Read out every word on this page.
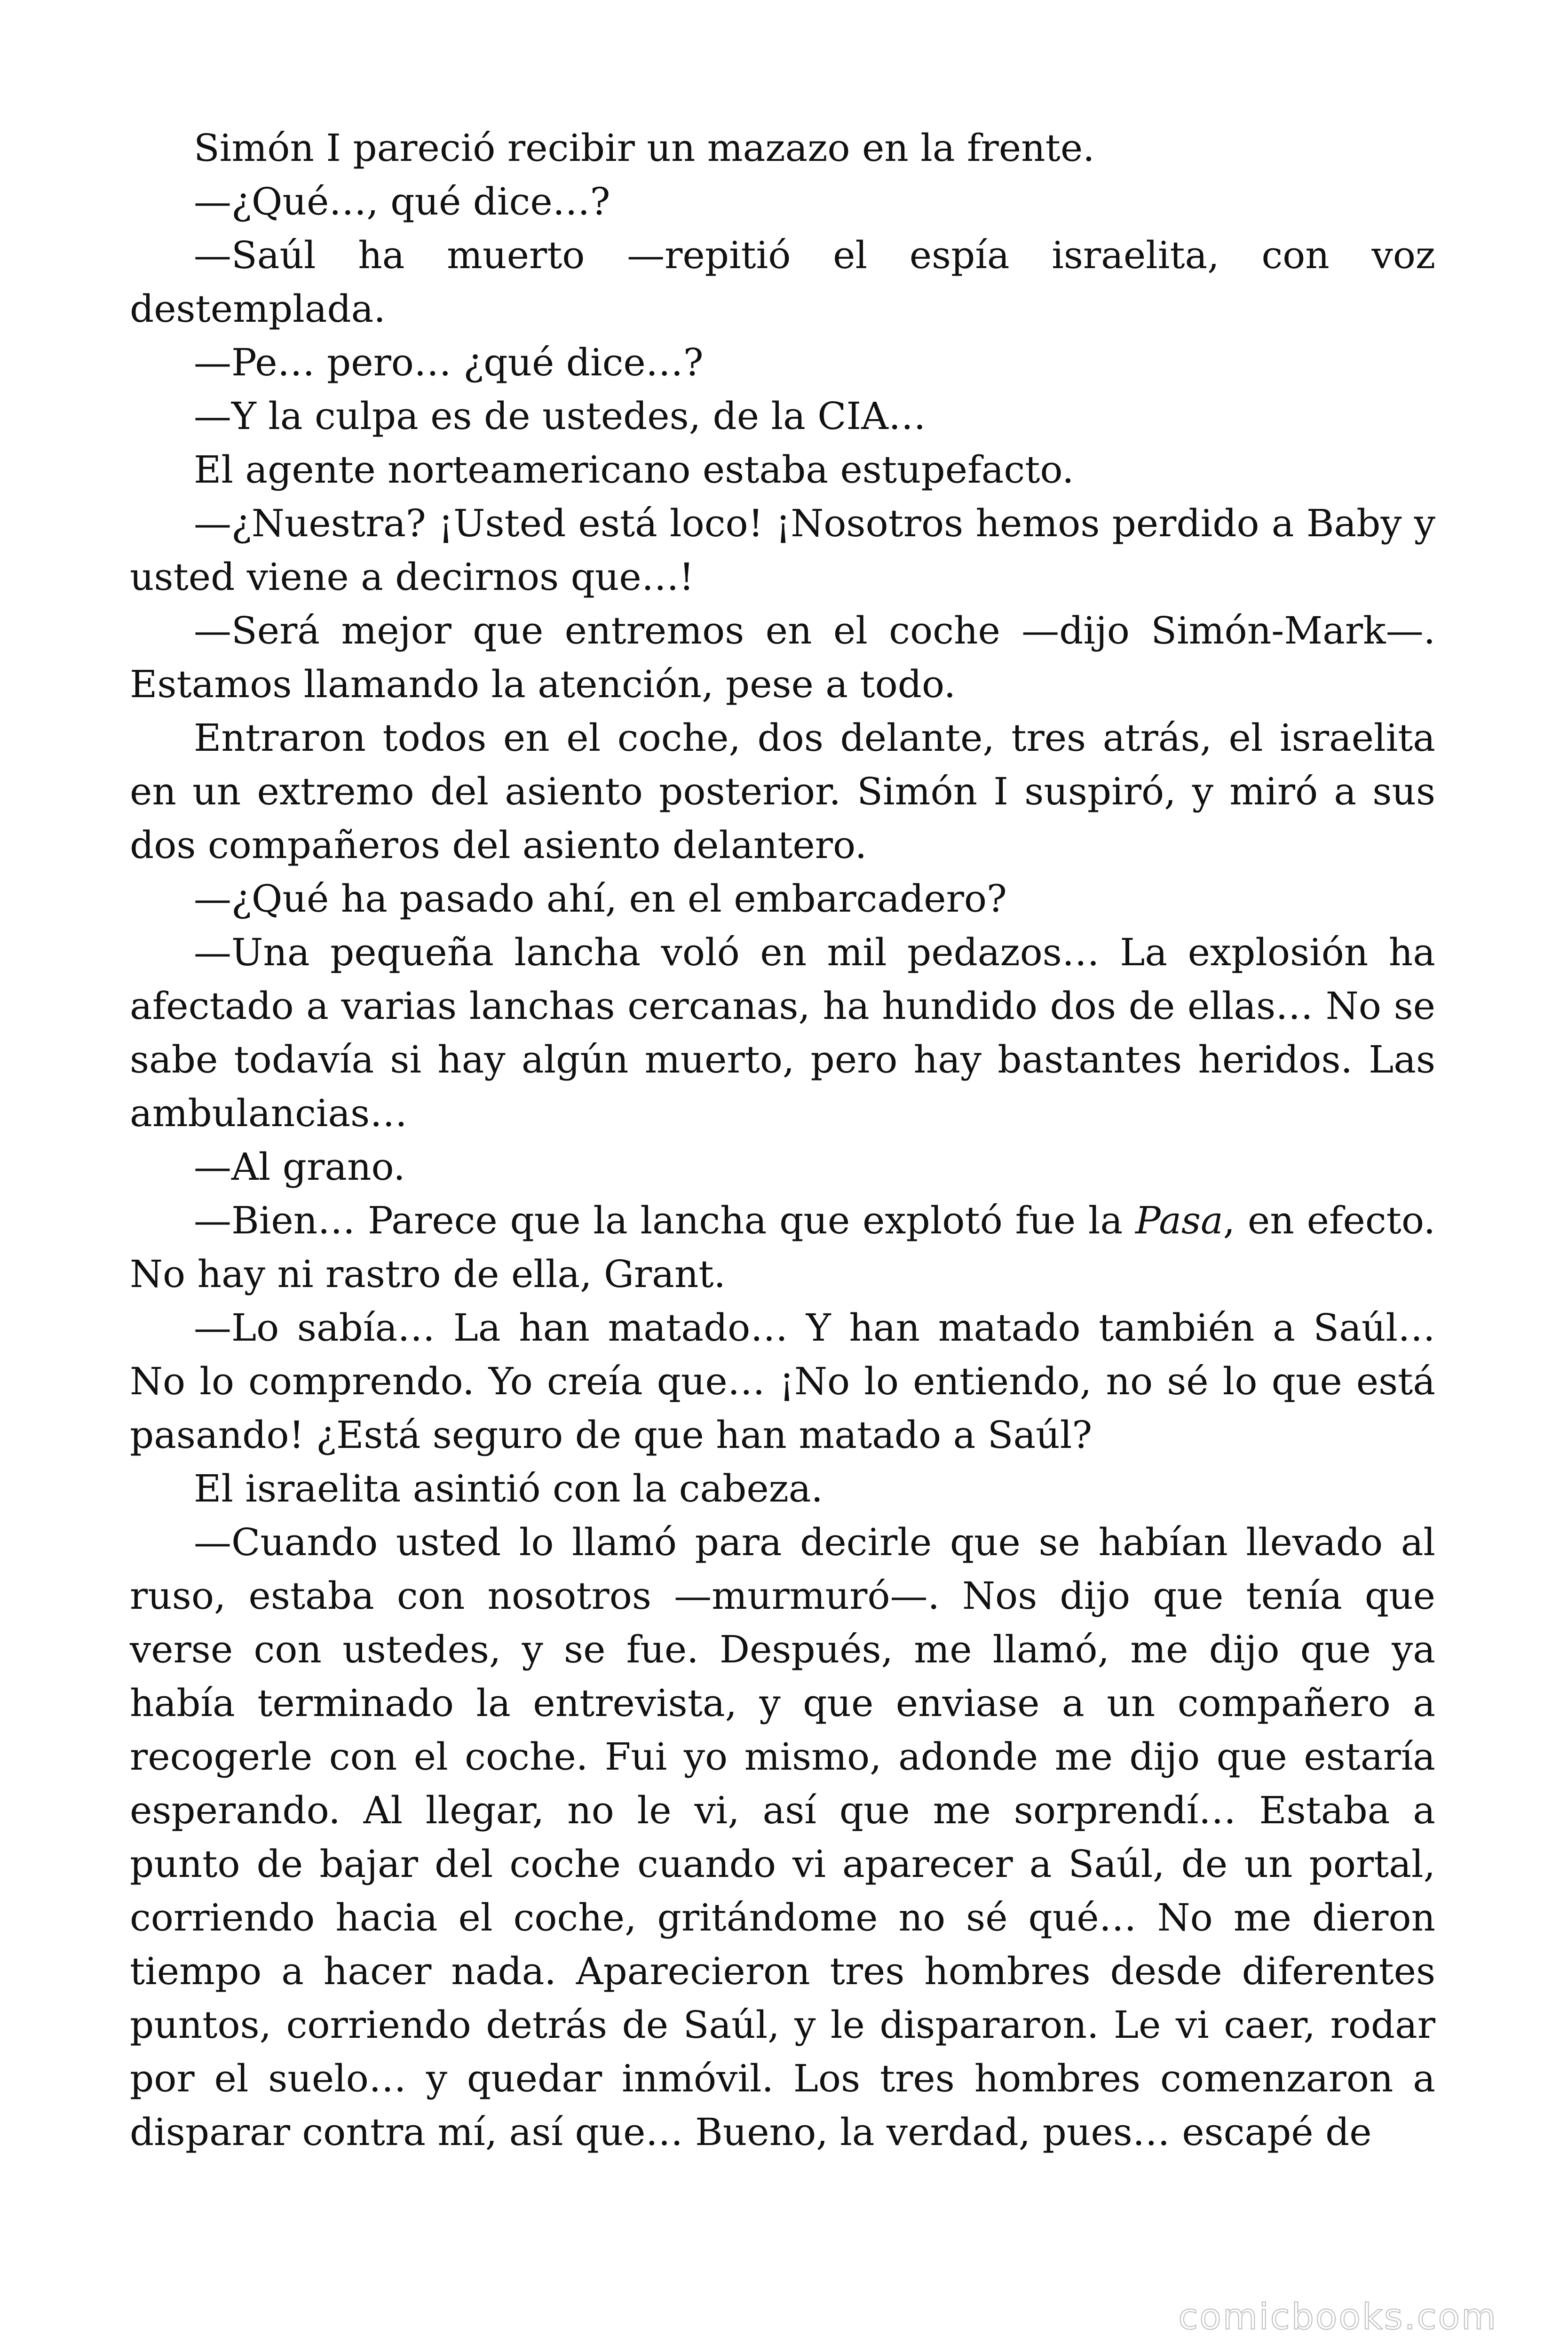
Simón I pareció recibir un mazazo en la frente.

—¿Qué…, qué dice…?

—Saúl ha muerto —repitió el espía israelita, con voz destemplada.

—Pe… pero… ¿qué dice…?

—Y la culpa es de ustedes, de la CIA…

El agente norteamericano estaba estupefacto.

—¿Nuestra? ¡Usted está loco! ¡Nosotros hemos perdido a Baby y usted viene a decirnos que…!

—Será mejor que entremos en el coche —dijo Simón-Mark—. Estamos llamando la atención, pese a todo.

Entraron todos en el coche, dos delante, tres atrás, el israelita en un extremo del asiento posterior. Simón I suspiró, y miró a sus dos compañeros del asiento delantero.

—¿Qué ha pasado ahí, en el embarcadero?

—Una pequeña lancha voló en mil pedazos… La explosión ha afectado a varias lanchas cercanas, ha hundido dos de ellas… No se sabe todavía si hay algún muerto, pero hay bastantes heridos. Las ambulancias…

—Al grano.

—Bien… Parece que la lancha que explotó fue la Pasa, en efecto. No hay ni rastro de ella, Grant.

—Lo sabía… La han matado… Y han matado también a Saúl… No lo comprendo. Yo creía que… ¡No lo entiendo, no sé lo que está pasando! ¿Está seguro de que han matado a Saúl?

El israelita asintió con la cabeza.

—Cuando usted lo llamó para decirle que se habían llevado al ruso, estaba con nosotros —murmuró—. Nos dijo que tenía que verse con ustedes, y se fue. Después, me llamó, me dijo que ya había terminado la entrevista, y que enviase a un compañero a recogerle con el coche. Fui yo mismo, adonde me dijo que estaría esperando. Al llegar, no le vi, así que me sorprendí… Estaba a punto de bajar del coche cuando vi aparecer a Saúl, de un portal, corriendo hacia el coche, gritándome no sé qué… No me dieron tiempo a hacer nada. Aparecieron tres hombres desde diferentes puntos, corriendo detrás de Saúl, y le dispararon. Le vi caer, rodar por el suelo… y quedar inmóvil. Los tres hombres comenzaron a disparar contra mí, así que… Bueno, la verdad, pues… escapé de

comicbooks.com
